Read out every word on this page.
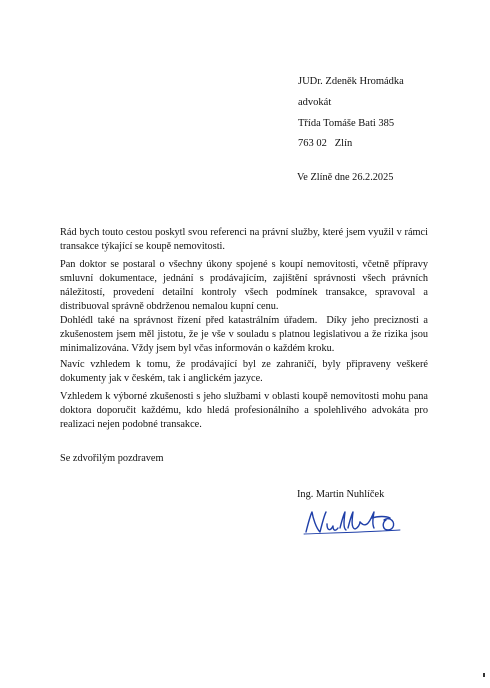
JUDr. Zdeněk Hromádka
advokát
Třída Tomáše Bati 385
763 02   Zlín
Ve Zlíně dne 26.2.2025
Rád bych touto cestou poskytl svou referenci na právní služby, které jsem využil v rámci transakce týkající se koupě nemovitosti.
Pan doktor se postaral o všechny úkony spojené s koupí nemovitosti, včetně přípravy smluvní dokumentace, jednání s prodávajícím, zajištění správnosti všech právních náležitostí, provedení detailní kontroly všech podmínek transakce, spravoval a distribuoval správně obdrženou nemalou kupní cenu.
Dohlédl také na správnost řízení před katastrálním úřadem.  Díky jeho preciznosti a zkušenostem jsem měl jistotu, že je vše v souladu s platnou legislativou a že rizika jsou minimalizována. Vždy jsem byl včas informován o každém kroku.
Navíc vzhledem k tomu, že prodávající byl ze zahraničí, byly připraveny veškeré dokumenty jak v českém, tak i anglickém jazyce.
Vzhledem k výborné zkušenosti s jeho službami v oblasti koupě nemovitosti mohu pana doktora doporučit každému, kdo hledá profesionálního a spolehlivého advokáta pro realizaci nejen podobné transakce.
Se zdvořilým pozdravem
Ing. Martin Nuhlíček
